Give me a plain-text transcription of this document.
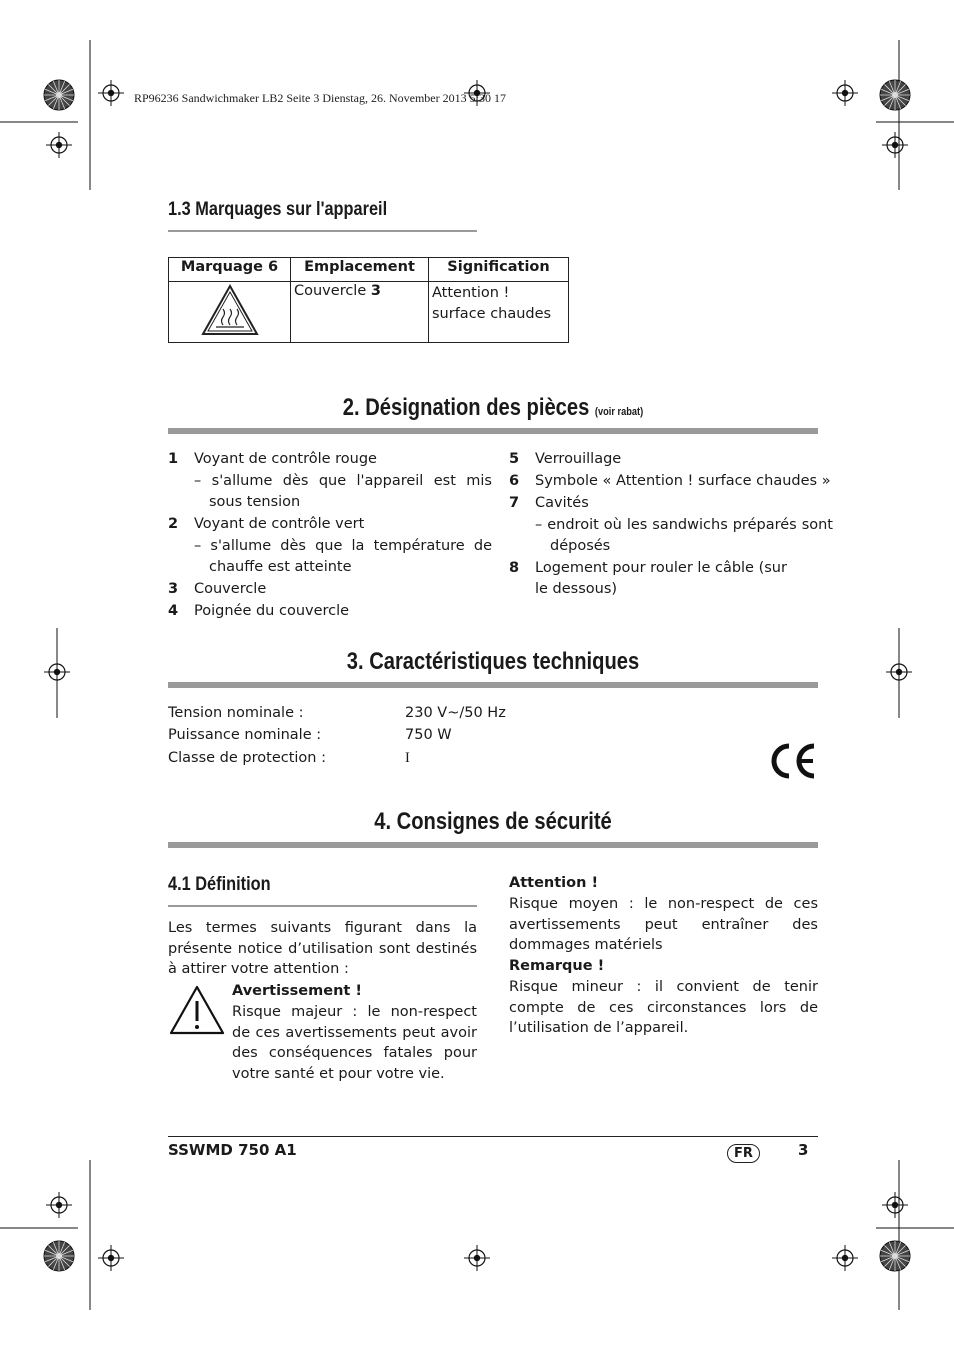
RP96236 Sandwichmaker LB2 Seite 3 Dienstag, 26. November 2013 5:30 17
1.3 Marquages sur l'appareil
Marquage 6	Emplacement	Signification
	Couvercle 3	Attention ! surface chaudes
2. Désignation des pièces (voir rabat)
1 Voyant de contrôle rouge
– s'allume dès que l'appareil est mis sous tension
2 Voyant de contrôle vert
– s'allume dès que la température de chauffe est atteinte
3 Couvercle
4 Poignée du couvercle
5 Verrouillage
6 Symbole « Attention ! surface chaudes »
7 Cavités
– endroit où les sandwichs préparés sont déposés
8	Logement pour rouler le câble (sur le dessous)
3. Caractéristiques techniques
Tension nominale :	230 V~/50 Hz
Puissance nominale :	750 W
Classe de protection :	I
4. Consignes de sécurité
4.1 Définition
Les termes suivants figurant dans la présente notice d’utilisation sont destinés à attirer votre attention :
Avertissement !
Risque majeur : le non-respect de ces avertissements peut avoir des conséquences fatales pour votre santé et pour votre vie.
Attention !
Risque moyen : le non-respect de ces avertissements peut entraîner des dommages matériels
Remarque !
Risque mineur : il convient de tenir compte de ces circonstances lors de l’utilisation de l’appareil.
SSWMD 750 A1	FR	3
